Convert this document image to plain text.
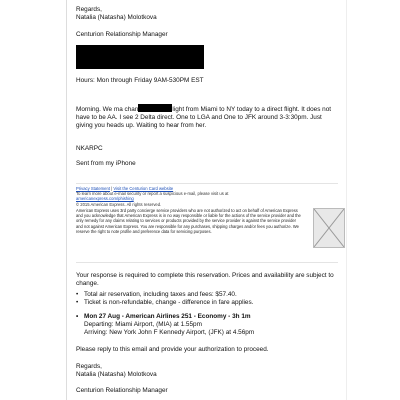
Regards,
Natalia (Natasha) Molotkova
Centurion Relationship Manager
Hours: Mon through Friday 9AM-530PM EST
Morning. We ma chan	light from Miami to NY today to a direct flight. It does not have to be AA. I see 2 Delta direct. One to LGA and One to JFK around 3-3:30pm. Just giving you heads up. Waiting to hear from her.
NKARPC
Sent from my iPhone
Privacy Statement | Visit the Centurion Card website
To learn more about e-mail security or report a suspicious e-mail, please visit us at
americanexpress.com/phishing
© 2015 American Express. All rights reserved.
American Express uses 3rd party concierge service providers who are not authorized to act on behalf of American Express and you acknowledge that American Express is in no way responsible or liable for the actions of the service provider and the only remedy for any claims relating to services or products provided by the service provider is against the service provider and not against American Express. You are responsible for any purchases, shipping charges and/or fees you authorize. We reserve the right to note profile and preference data for servicing purposes.
Your response is required to complete this reservation. Prices and availability are subject to change.
• Total air reservation, including taxes and fees: $57.40.
• Ticket is non-refundable, change - difference in fare applies.
• Mon 27 Aug - American Airlines 251 - Economy - 3h 1m
Departing: Miami Airport, (MIA) at 1.55pm
Arriving: New York John F Kennedy Airport, (JFK) at 4.56pm
Please reply to this email and provide your authorization to proceed.
Regards,
Natalia (Natasha) Molotkova
Centurion Relationship Manager
